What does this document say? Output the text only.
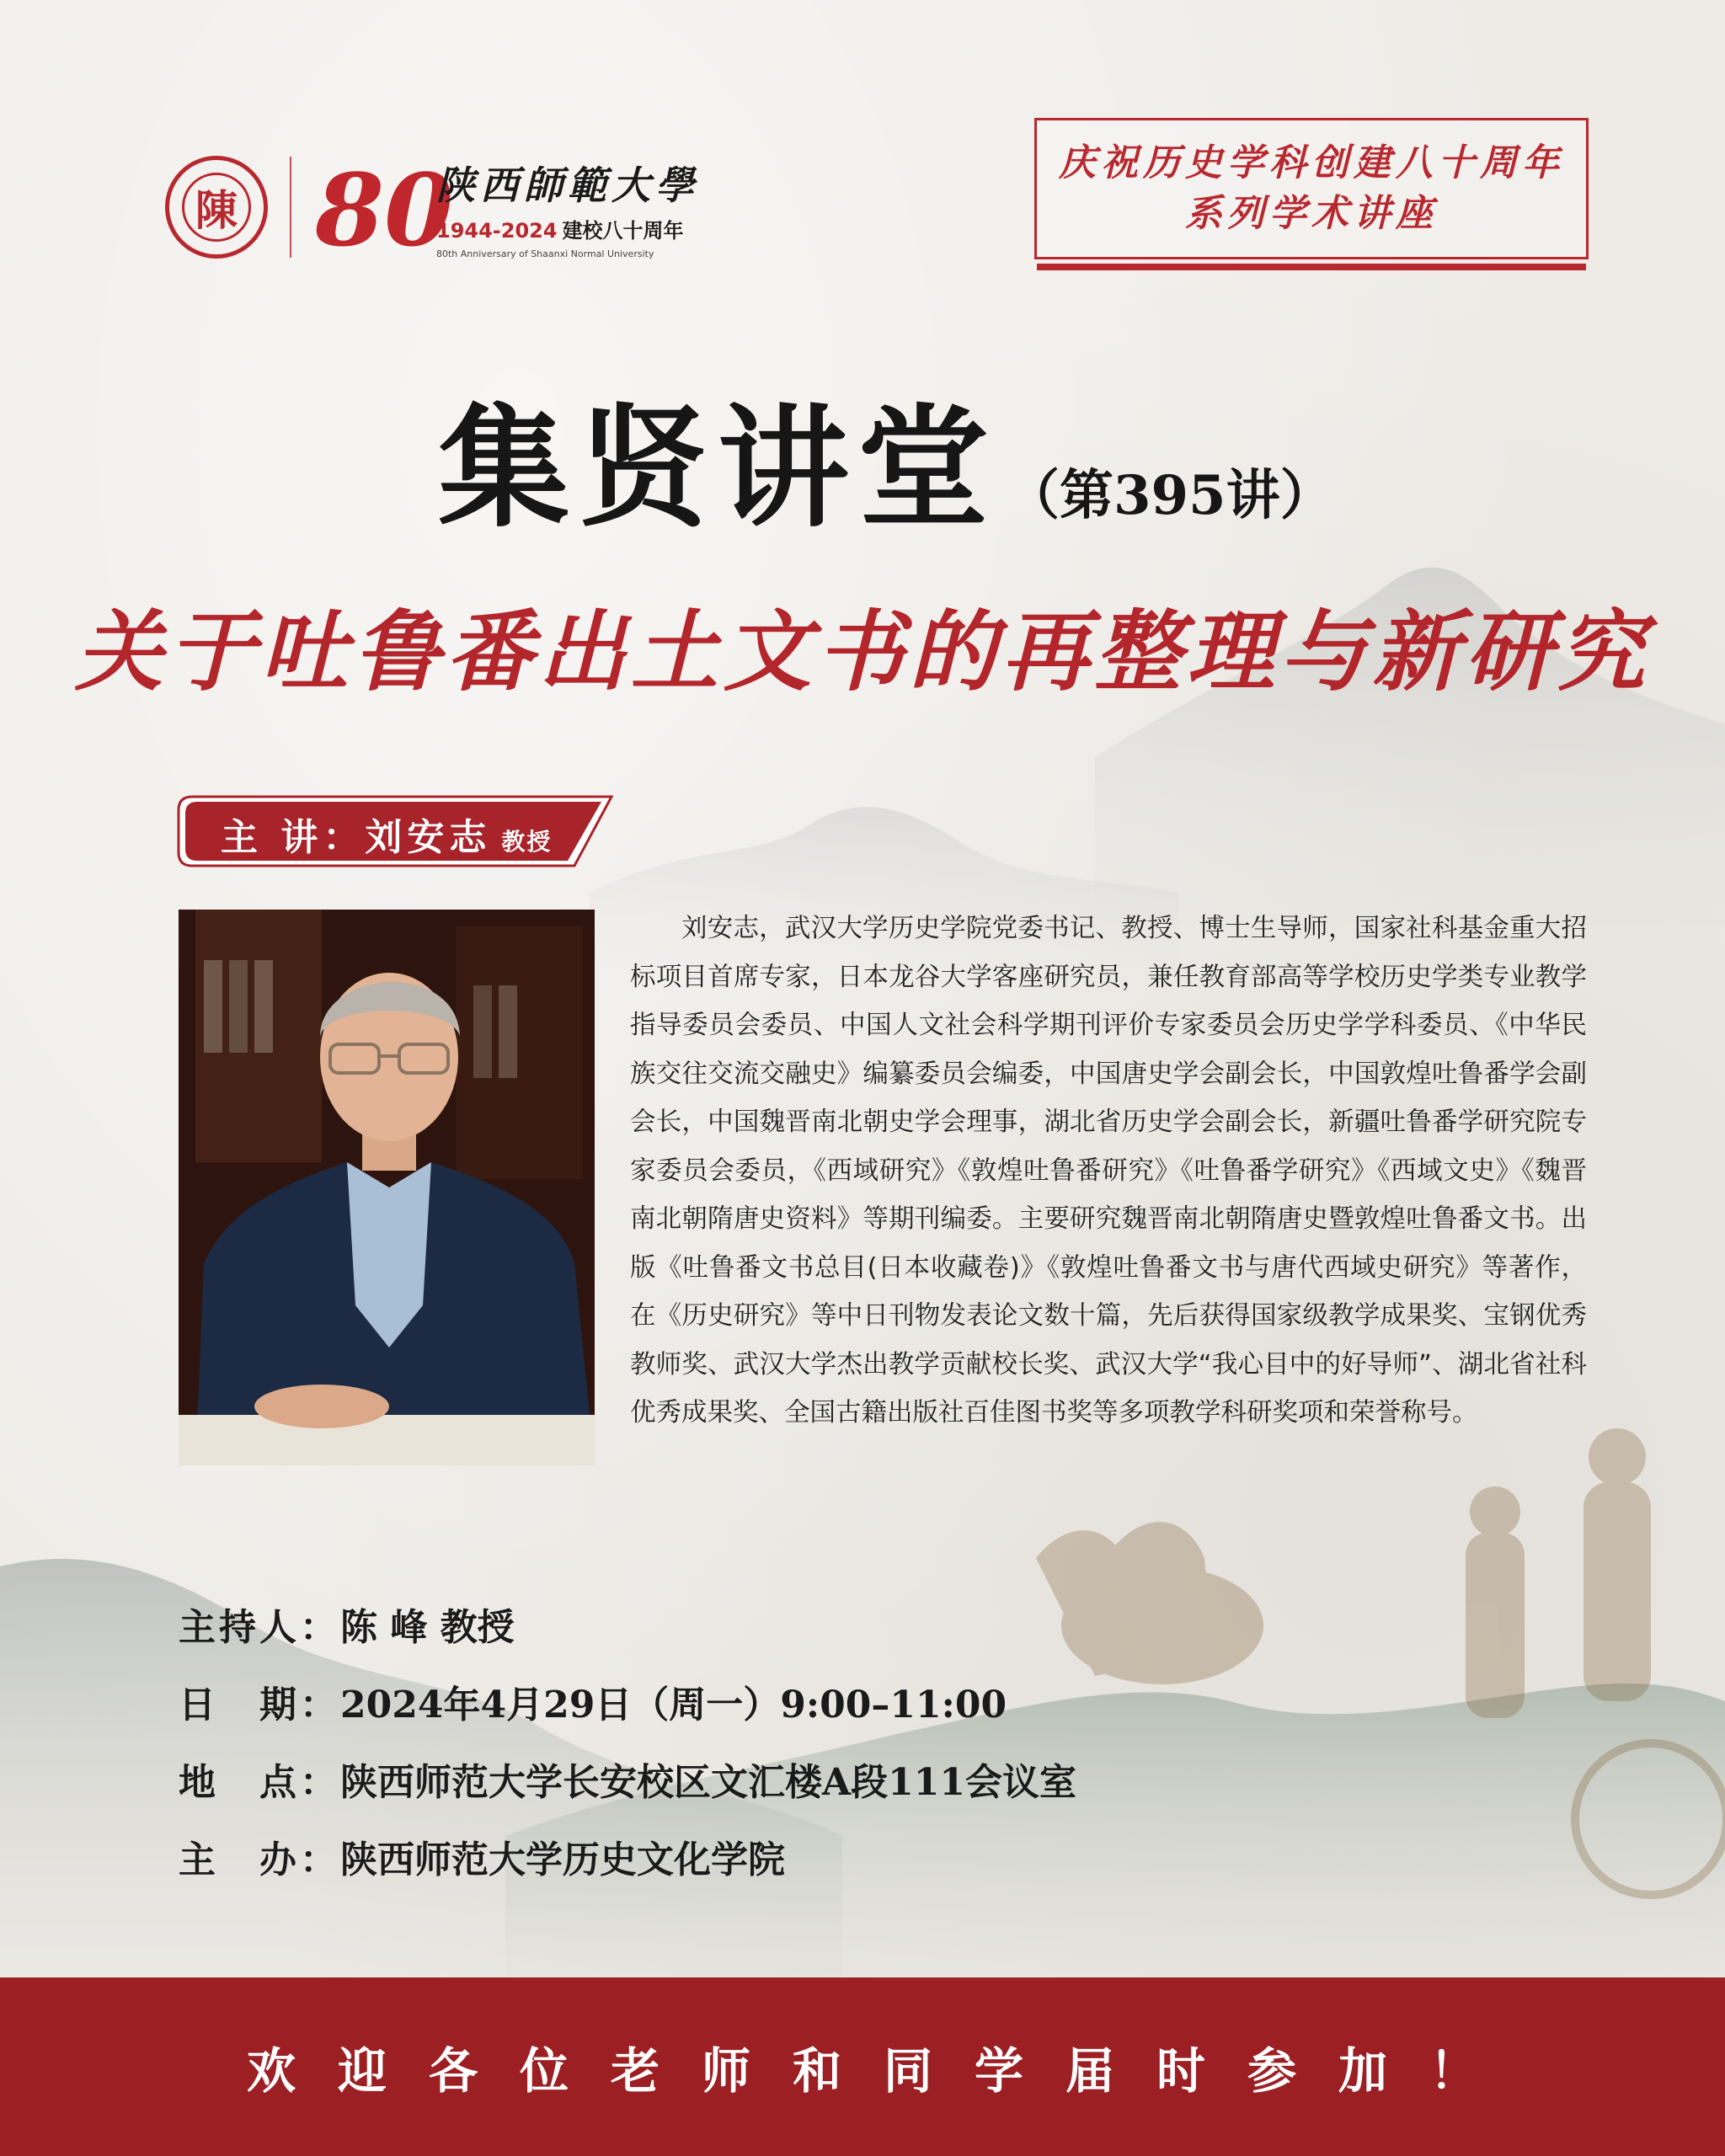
陳 80
陕西師範大學
1944-2024 建校八十周年
80th Anniversary of Shaanxi Normal University
庆祝历史学科创建八十周年
系列学术讲座
集贤讲堂 （第395讲）
关于吐鲁番出土文书的再整理与新研究
主 讲：刘安志 教授
刘安志，武汉大学历史学院党委书记、教授、博士生导师，国家社科基金重大招标项目首席专家，日本龙谷大学客座研究员，兼任教育部高等学校历史学类专业教学指导委员会委员、中国人文社会科学期刊评价专家委员会历史学学科委员、《中华民族交往交流交融史》编纂委员会编委，中国唐史学会副会长，中国敦煌吐鲁番学会副会长，中国魏晋南北朝史学会理事，湖北省历史学会副会长，新疆吐鲁番学研究院专家委员会委员，《西域研究》《敦煌吐鲁番研究》《吐鲁番学研究》《西域文史》《魏晋南北朝隋唐史资料》等期刊编委。主要研究魏晋南北朝隋唐史暨敦煌吐鲁番文书。出版《吐鲁番文书总目(日本收藏卷)》《敦煌吐鲁番文书与唐代西域史研究》等著作，在《历史研究》等中日刊物发表论文数十篇，先后获得国家级教学成果奖、宝钢优秀教师奖、武汉大学杰出教学贡献校长奖、武汉大学“我心目中的好导师”、湖北省社科优秀成果奖、全国古籍出版社百佳图书奖等多项教学科研奖项和荣誉称号。
主持人： 陈 峰 教授
日　期： 2024年4月29日（周一）9:00–11:00
地　点： 陕西师范大学长安校区文汇楼A段111会议室
主　办： 陕西师范大学历史文化学院
欢迎各位老师和同学届时参加！
